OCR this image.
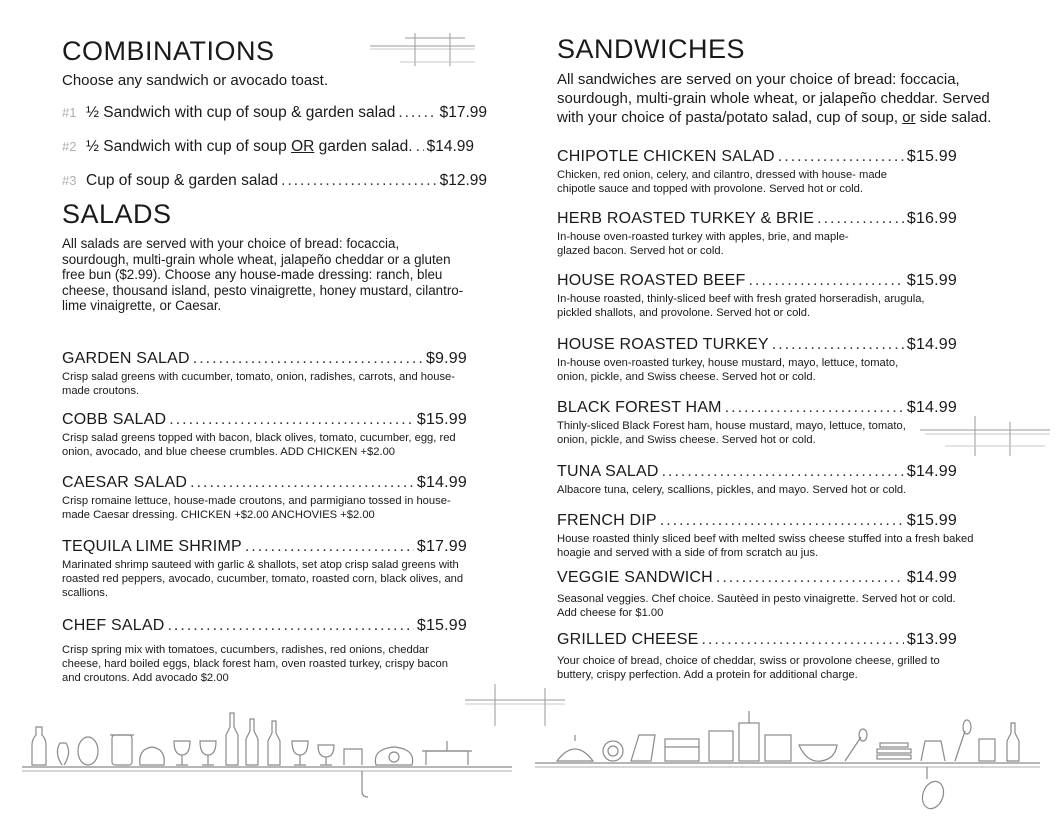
COMBINATIONS
Choose any sandwich or avocado toast.
#1 ½ Sandwich with cup of soup & garden salad .....	$17.99
#2 ½ Sandwich with cup of soup OR garden salad. ..... $14.99
#3 Cup of soup & garden salad .....	$12.99
SALADS
All salads are served with your choice of bread: focaccia, sourdough, multi-grain whole wheat, jalapeño cheddar or a gluten free bun ($2.99). Choose any house-made dressing: ranch, bleu cheese, thousand island, pesto vinaigrette, honey mustard, cilantro-lime vinaigrette, or Caesar.
GARDEN SALAD .....	$9.99
Crisp salad greens with cucumber, tomato, onion, radishes, carrots, and house-made croutons.
COBB SALAD .....	$15.99
Crisp salad greens topped with bacon, black olives, tomato, cucumber, egg, red onion, avocado, and blue cheese crumbles. ADD CHICKEN +$2.00
CAESAR SALAD .....	$14.99
Crisp romaine lettuce, house-made croutons, and parmigiano tossed in house-made Caesar dressing. CHICKEN +$2.00 ANCHOVIES +$2.00
TEQUILA LIME SHRIMP .....	$17.99
Marinated shrimp sauteed with garlic & shallots, set atop crisp salad greens with roasted red peppers, avocado, cucumber, tomato, roasted corn, black olives, and scallions.
CHEF SALAD .....	$15.99
Crisp spring mix with tomatoes, cucumbers, radishes, red onions, cheddar cheese, hard boiled eggs, black forest ham, oven roasted turkey, crispy bacon and croutons. Add avocado $2.00
SANDWICHES
All sandwiches are served on your choice of bread: foccacia, sourdough, multi-grain whole wheat, or jalapeño cheddar. Served with your choice of pasta/potato salad, cup of soup, or side salad.
CHIPOTLE CHICKEN SALAD .....	$15.99
Chicken, red onion, celery, and cilantro, dressed with house- made chipotle sauce and topped with provolone. Served hot or cold.
HERB ROASTED TURKEY & BRIE .....	$16.99
In-house oven-roasted turkey with apples, brie, and maple-glazed bacon. Served hot or cold.
HOUSE ROASTED BEEF .....	$15.99
In-house roasted, thinly-sliced beef with fresh grated horseradish, arugula, pickled shallots, and provolone. Served hot or cold.
HOUSE ROASTED TURKEY .....	$14.99
In-house oven-roasted turkey, house mustard, mayo, lettuce, tomato, onion, pickle, and Swiss cheese. Served hot or cold.
BLACK FOREST HAM .....	$14.99
Thinly-sliced Black Forest ham, house mustard, mayo, lettuce, tomato, onion, pickle, and Swiss cheese. Served hot or cold.
TUNA SALAD .....	$14.99
Albacore tuna, celery, scallions, pickles, and mayo. Served hot or cold.
FRENCH DIP .....	$15.99
House roasted thinly sliced beef with melted swiss cheese stuffed into a fresh baked hoagie and served with a side of from scratch au jus.
VEGGIE SANDWICH .....	$14.99
Seasonal veggies. Chef choice. Sautèed in pesto vinaigrette. Served hot or cold. Add cheese for $1.00
GRILLED CHEESE .....	$13.99
Your choice of bread, choice of cheddar, swiss or provolone cheese, grilled to buttery, crispy perfection. Add a protein for additional charge.
